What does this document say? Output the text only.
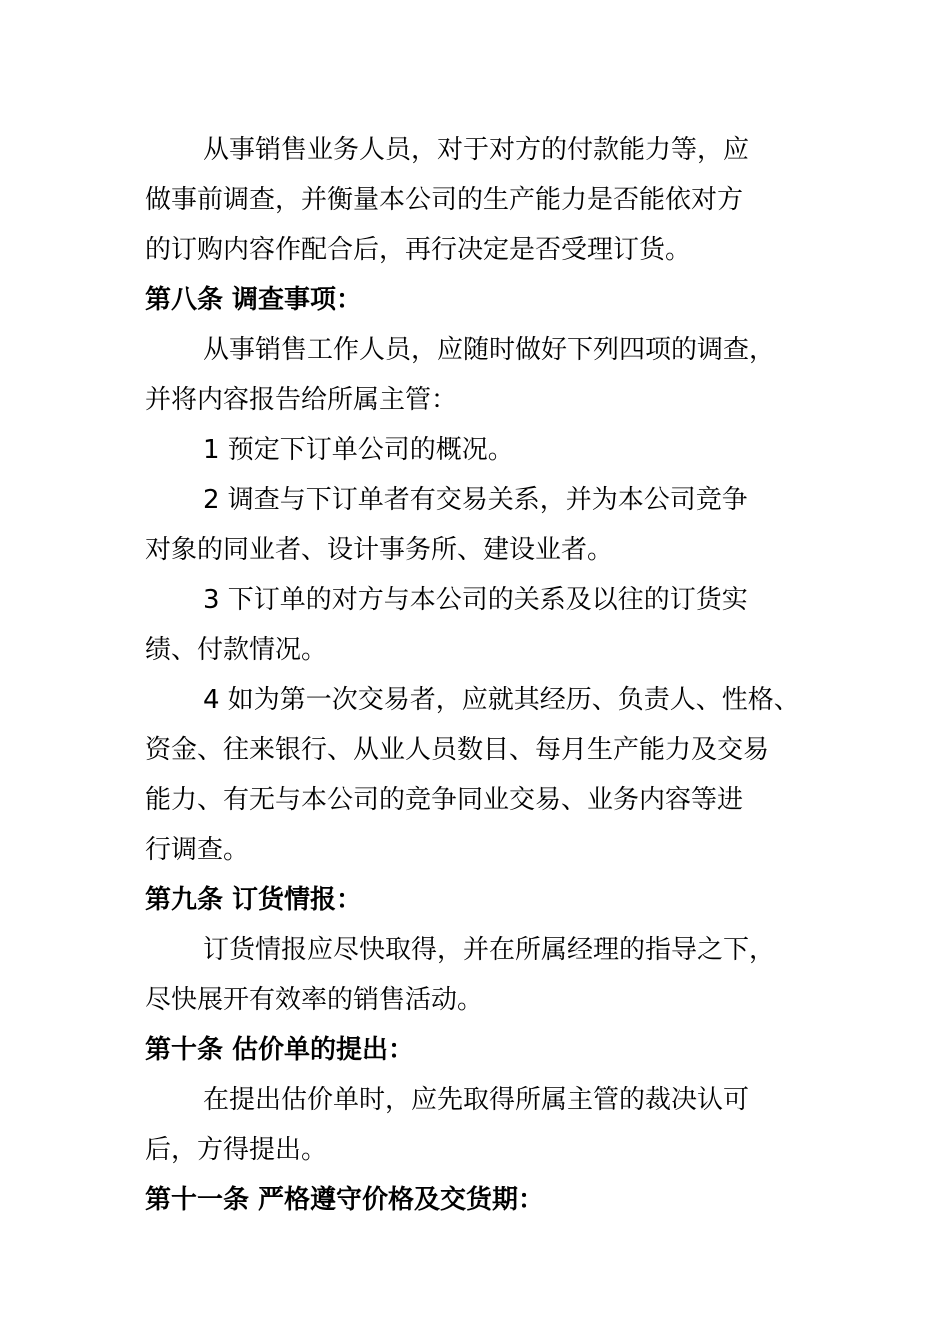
从事销售业务人员，对于对方的付款能力等，应
做事前调查，并衡量本公司的生产能力是否能依对方
的订购内容作配合后，再行决定是否受理订货。
第八条 调查事项：
从事销售工作人员，应随时做好下列四项的调查，
并将内容报告给所属主管：
1 预定下订单公司的概况。
2 调查与下订单者有交易关系，并为本公司竞争
对象的同业者、设计事务所、建设业者。
3 下订单的对方与本公司的关系及以往的订货实
绩、付款情况。
4 如为第一次交易者，应就其经历、负责人、性格、
资金、往来银行、从业人员数目、每月生产能力及交易
能力、有无与本公司的竞争同业交易、业务内容等进
行调查。
第九条 订货情报：
订货情报应尽快取得，并在所属经理的指导之下，
尽快展开有效率的销售活动。
第十条 估价单的提出：
在提出估价单时，应先取得所属主管的裁决认可
后，方得提出。
第十一条 严格遵守价格及交货期：
